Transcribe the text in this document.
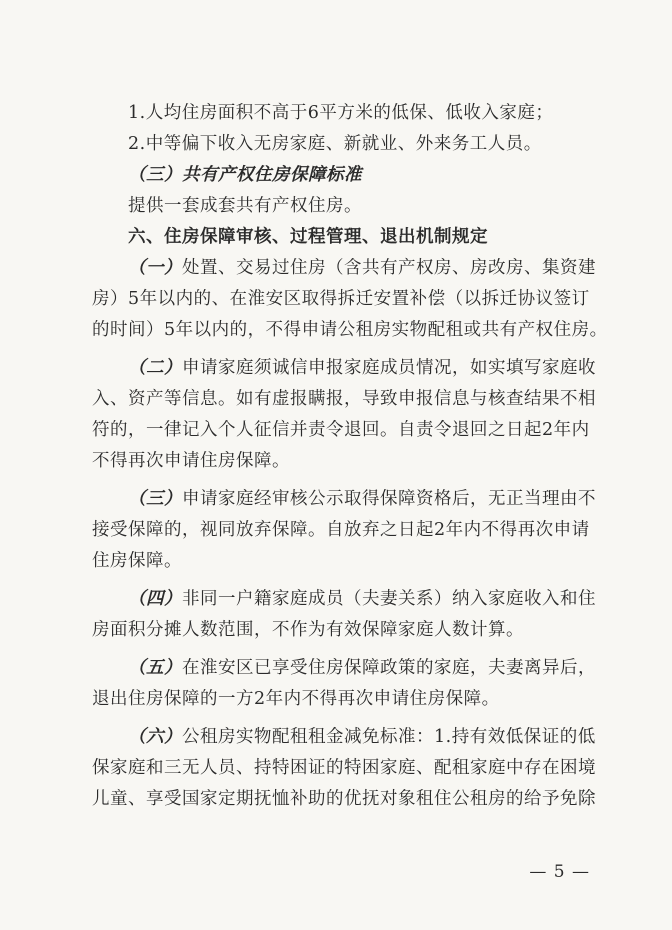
1.人均住房面积不高于6平方米的低保、低收入家庭；

2.中等偏下收入无房家庭、新就业、外来务工人员。

（三）共有产权住房保障标准

提供一套成套共有产权住房。

六、住房保障审核、过程管理、退出机制规定

（一）处置、交易过住房（含共有产权房、房改房、集资建

房）5年以内的、在淮安区取得拆迁安置补偿（以拆迁协议签订

的时间）5年以内的，不得申请公租房实物配租或共有产权住房。

（二）申请家庭须诚信申报家庭成员情况，如实填写家庭收

入、资产等信息。如有虚报瞒报，导致申报信息与核查结果不相

符的，一律记入个人征信并责令退回。自责令退回之日起2年内

不得再次申请住房保障。

（三）申请家庭经审核公示取得保障资格后，无正当理由不

接受保障的，视同放弃保障。自放弃之日起2年内不得再次申请

住房保障。

（四）非同一户籍家庭成员（夫妻关系）纳入家庭收入和住

房面积分摊人数范围，不作为有效保障家庭人数计算。

（五）在淮安区已享受住房保障政策的家庭，夫妻离异后，

退出住房保障的一方2年内不得再次申请住房保障。

（六）公租房实物配租租金减免标准：1.持有效低保证的低

保家庭和三无人员、持特困证的特困家庭、配租家庭中存在困境

儿童、享受国家定期抚恤补助的优抚对象租住公租房的给予免除

— 5 —
